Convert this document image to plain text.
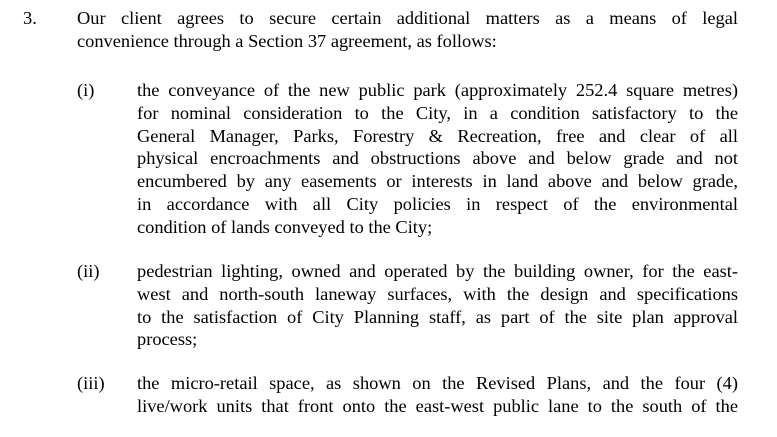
3. Our client agrees to secure certain additional matters as a means of legal
convenience through a Section 37 agreement, as follows:
(i) the conveyance of the new public park (approximately 252.4 square metres)
for nominal consideration to the City, in a condition satisfactory to the
General Manager, Parks, Forestry & Recreation, free and clear of all
physical encroachments and obstructions above and below grade and not
encumbered by any easements or interests in land above and below grade,
in accordance with all City policies in respect of the environmental
condition of lands conveyed to the City;
(ii) pedestrian lighting, owned and operated by the building owner, for the east-
west and north-south laneway surfaces, with the design and specifications
to the satisfaction of City Planning staff, as part of the site plan approval
process;
(iii) the micro-retail space, as shown on the Revised Plans, and the four (4)
live/work units that front onto the east-west public lane to the south of the
